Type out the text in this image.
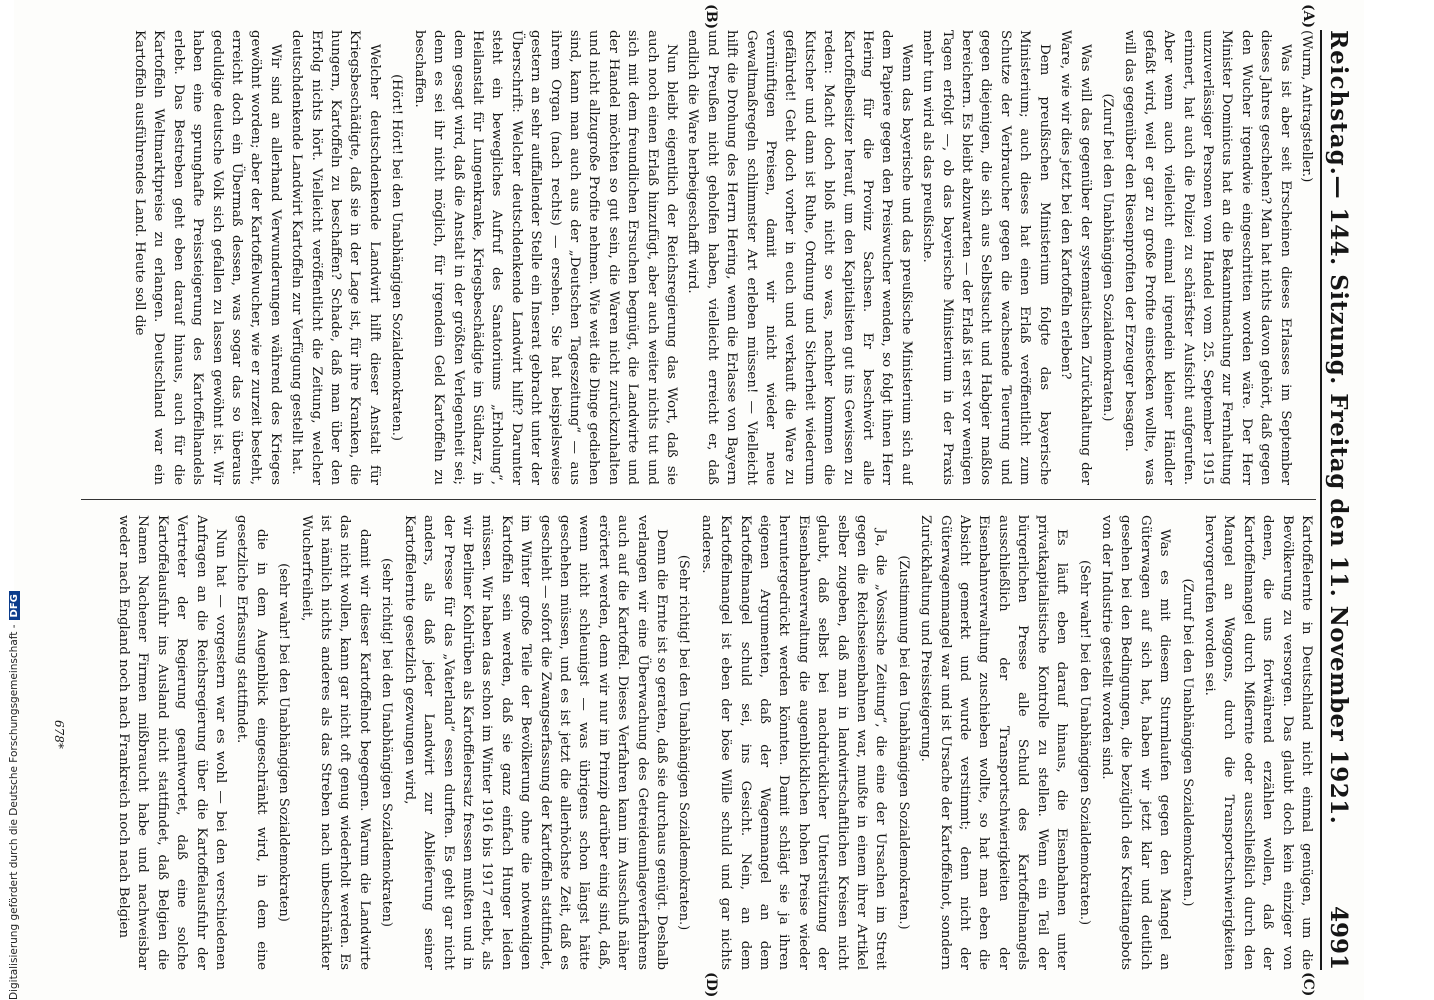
Reichstag.
— 144. Sitzung. Freitag den 11. November 1921.
4991
(A)
(B)
(C)
(D)

(Wurm, Antragsteller.)

Was ist aber seit Erscheinen dieses Erlasses im September dieses Jahres geschehen? Man hat nichts davon gehört, daß gegen den Wucher irgendwie eingeschritten worden wäre. Der Herr Minister Dominicus hat an die Bekanntmachung zur Fernhaltung unzuverlässiger Personen vom Handel vom 25. September 1915 erinnert, hat auch die Polizei zu schärfster Aufsicht aufgerufen. Aber wenn auch vielleicht einmal irgendein kleiner Händler gefaßt wird, weil er gar zu große Profite einstecken wollte, was will das gegenüber den Riesenprofiten der Erzeuger besagen.

(Zuruf bei den Unabhängigen Sozialdemokraten.)

Was will das gegenüber der systematischen Zurückhaltung der Ware, wie wir dies jetzt bei den Kartoffeln erleben?

Dem preußischen Ministerium folgte das bayerische Ministerium; auch dieses hat einen Erlaß veröffentlicht zum Schutze der Verbraucher gegen die wachsende Teuerung und gegen diejenigen, die sich aus Selbstsucht und Habgier maßlos bereichern. Es bleibt abzuwarten — der Erlaß ist erst vor wenigen Tagen erfolgt —, ob das bayerische Ministerium in der Praxis mehr tun wird als das preußische.

Wenn das bayerische und das preußische Ministerium sich auf dem Papiere gegen den Preiswucher wenden, so folgt ihnen Herr Hering für die Provinz Sachsen. Er beschwört alle Kartoffelbesitzer herauf, um den Kapitalisten gut ins Gewissen zu reden: Macht doch bloß nicht so was, nachher kommen die Kutscher und dann ist Ruhe, Ordnung und Sicherheit wiederum gefährdet! Geht doch vorher in euch und verkauft die Ware zu vernünftigen Preisen, damit wir nicht wieder neue Gewaltmaßregeln schlimmster Art erleben müssen! — Vielleicht hilft die Drohung des Herrn Hering, wenn die Erlasse von Bayern und Preußen nicht geholfen haben, vielleicht erreicht er, daß endlich die Ware herbeigeschafft wird.

Nun bleibt eigentlich der Reichsregierung das Wort, daß sie auch noch einen Erlaß hinzufügt, aber auch weiter nichts tut und sich mit dem freundlichen Ersuchen begnügt, die Landwirte und der Handel möchten so gut sein, die Waren nicht zurückzuhalten und nicht allzugroße Profite nehmen. Wie weit die Dinge gediehen sind, kann man auch aus der „Deutschen Tageszeitung“ — aus ihrem Organ (nach rechts) — ersehen. Sie hat beispielsweise gestern an sehr auffallender Stelle ein Inserat gebracht unter der Überschrift: Welcher deutschdenkende Landwirt hilft? Darunter steht ein bewegliches Aufruf des Sanatoriums „Erholung“, Heilanstalt für Lungenkranke, Kriegsbeschädigte im Südharz, in dem gesagt wird, daß die Anstalt in der größten Verlegenheit sei; denn es sei ihr nicht möglich, für irgendein Geld Kartoffeln zu beschaffen.

(Hört! Hört! bei den Unabhängigen Sozialdemokraten.)

Welcher deutschdenkende Landwirt hilft dieser Anstalt für Kriegsbeschädigte, daß sie in der Lage ist, für ihre Kranken, die hungern, Kartoffeln zu beschaffen? Schade, daß man über den Erfolg nichts hört. Vielleicht veröffentlicht die Zeitung, welcher deutschdenkende Landwirt Kartoffeln zur Verfügung gestellt hat.

Wir sind an allerhand Verwunderungen während des Krieges gewöhnt worden; aber der Kartoffelwucher, wie er zurzeit besteht, erreicht doch ein Übermaß dessen, was sogar das so überaus geduldige deutsche Volk sich gefallen zu lassen gewöhnt ist. Wir haben eine sprunghafte Preissteigerung des Kartoffelhandels erlebt. Das Bestreben geht eben darauf hinaus, auch für die Kartoffeln Weltmarktpreise zu erlangen. Deutschland war ein Kartoffeln ausführendes Land. Heute soll die

Kartoffelernte in Deutschland nicht einmal genügen, um die Bevölkerung zu versorgen. Das glaubt doch kein einziger von denen, die uns fortwährend erzählen wollen, daß der Kartoffelmangel durch Mißernte oder ausschließlich durch den Mangel an Waggons, durch die Transportschwierigkeiten hervorgerufen worden sei.

(Zuruf bei den Unabhängigen Sozialdemokraten.)

Was es mit diesem Sturmlaufen gegen den Mangel an Güterwagen auf sich hat, haben wir jetzt klar und deutlich gesehen bei den Bedingungen, die bezüglich des Kreditangebots von der Industrie gestellt worden sind.

(Sehr wahr! bei den Unabhängigen Sozialdemokraten.)

Es läuft eben darauf hinaus, die Eisenbahnen unter privatkapitalistische Kontrolle zu stellen. Wenn ein Teil der bürgerlichen Presse alle Schuld des Kartoffelmangels ausschließlich der Transportschwierigkeiten der Eisenbahnverwaltung zuschieben wollte, so hat man eben die Absicht gemerkt und wurde verstimmt; denn nicht der Güterwagenmangel war und ist Ursache der Kartoffelnot, sondern Zurückhaltung und Preissteigerung.

(Zustimmung bei den Unabhängigen Sozialdemokraten.)

Ja, die „Vossische Zeitung“, die eine der Ursachen im Streit gegen die Reichseisenbahnen war, mußte in einem ihrer Artikel selber zugeben, daß man in landwirtschaftlichen Kreisen nicht glaubt, daß selbst bei nachdrücklicher Unterstützung der Eisenbahnverwaltung die augenblicklichen hohen Preise wieder heruntergedrückt werden könnten. Damit schlägt sie ja ihren eigenen Argumenten, daß der Wagenmangel an dem Kartoffelmangel schuld sei, ins Gesicht. Nein, an dem Kartoffelmangel ist eben der böse Wille schuld und gar nichts anderes.

(Sehr richtig! bei den Unabhängigen Sozialdemokraten.)

Denn die Ernte ist so geraten, daß sie durchaus genügt. Deshalb verlangen wir eine Überwachung des Getreideumlageverfahrens auch auf die Kartoffel. Dieses Verfahren kann im Ausschuß näher erörtert werden, denn wir nur im Prinzip darüber einig sind, daß, wenn nicht schleunigst — was übrigens schon längst hätte geschehen müssen, und es ist jetzt die allerhöchste Zeit, daß es geschieht — sofort die Zwangserfassung der Kartoffeln stattfindet, im Winter große Teile der Bevölkerung ohne die notwendigen Kartoffeln sein werden, daß sie ganz einfach Hunger leiden müssen. Wir haben das schon im Winter 1916 bis 1917 erlebt, als wir Berliner Kohlrüben als Kartoffelersatz fressen mußten und in der Presse für das „Vaterland“ essen durften. Es geht gar nicht anders, als daß jeder Landwirt zur Ablieferung seiner Kartoffelernte gesetzlich gezwungen wird,

(sehr richtig! bei den Unabhängigen Sozialdemokraten)

damit wir dieser Kartoffelnot begegnen. Warum die Landwirte das nicht wollen, kann gar nicht oft genug wiederholt werden. Es ist nämlich nichts anderes als das Streben nach unbeschränkter Wucherfreiheit,

(sehr wahr! bei den Unabhängigen Sozialdemokraten)

die in dem Augenblick eingeschränkt wird, in dem eine gesetzliche Erfassung stattfindet.

Nun hat — vorgestern war es wohl — bei den verschiedenen Anfragen an die Reichsregierung über die Kartoffelausfuhr der Vertreter der Regierung geantwortet, daß eine solche Kartoffelausfuhr ins Ausland nicht stattfindet, daß Belgien die Namen Nachener Firmen mißbraucht habe und nachweisbar weder nach England noch nach Frankreich noch nach Belgien

678*
Digitalisierung gefördert durch die Deutsche Forschungsgemeinschaft -DFG
